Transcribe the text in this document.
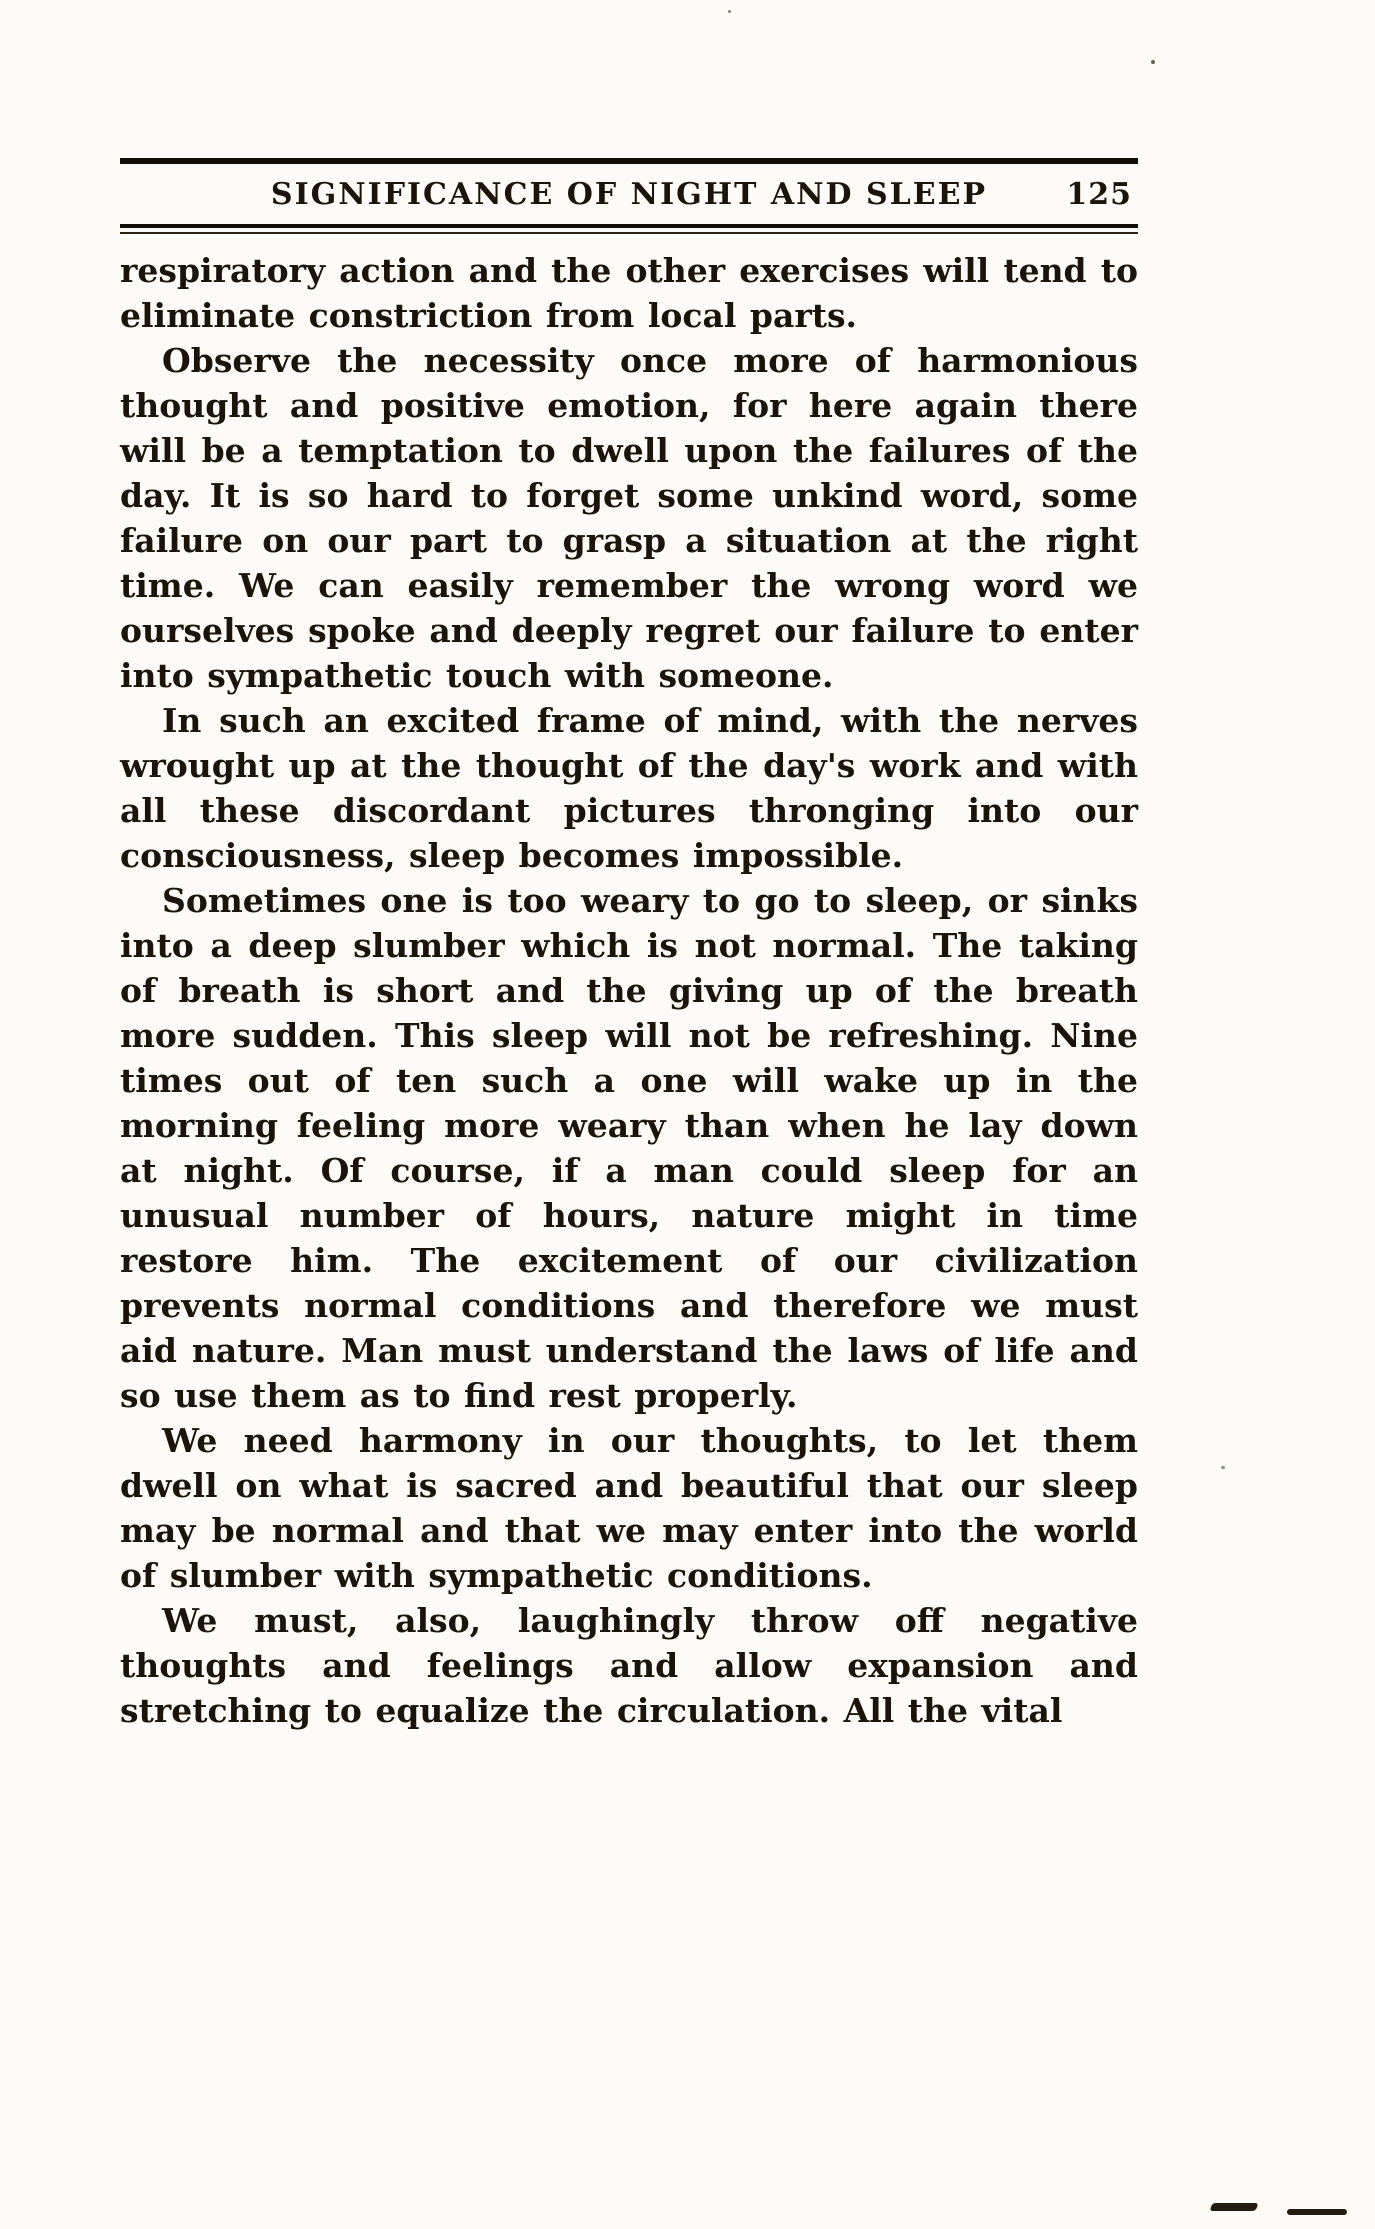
SIGNIFICANCE OF NIGHT AND SLEEP	125

respiratory action and the other exercises will tend to eliminate constriction from local parts.

Observe the necessity once more of harmonious thought and positive emotion, for here again there will be a temptation to dwell upon the failures of the day. It is so hard to forget some unkind word, some failure on our part to grasp a situation at the right time. We can easily remember the wrong word we ourselves spoke and deeply regret our failure to enter into sympathetic touch with someone.

In such an excited frame of mind, with the nerves wrought up at the thought of the day's work and with all these discordant pictures thronging into our consciousness, sleep becomes impossible.

Sometimes one is too weary to go to sleep, or sinks into a deep slumber which is not normal. The taking of breath is short and the giving up of the breath more sudden. This sleep will not be refreshing. Nine times out of ten such a one will wake up in the morning feeling more weary than when he lay down at night. Of course, if a man could sleep for an unusual number of hours, nature might in time restore him. The excitement of our civilization prevents normal conditions and therefore we must aid nature. Man must understand the laws of life and so use them as to find rest properly.

We need harmony in our thoughts, to let them dwell on what is sacred and beautiful that our sleep may be normal and that we may enter into the world of slumber with sympathetic conditions.

We must, also, laughingly throw off negative thoughts and feelings and allow expansion and stretching to equalize the circulation. All the vital
